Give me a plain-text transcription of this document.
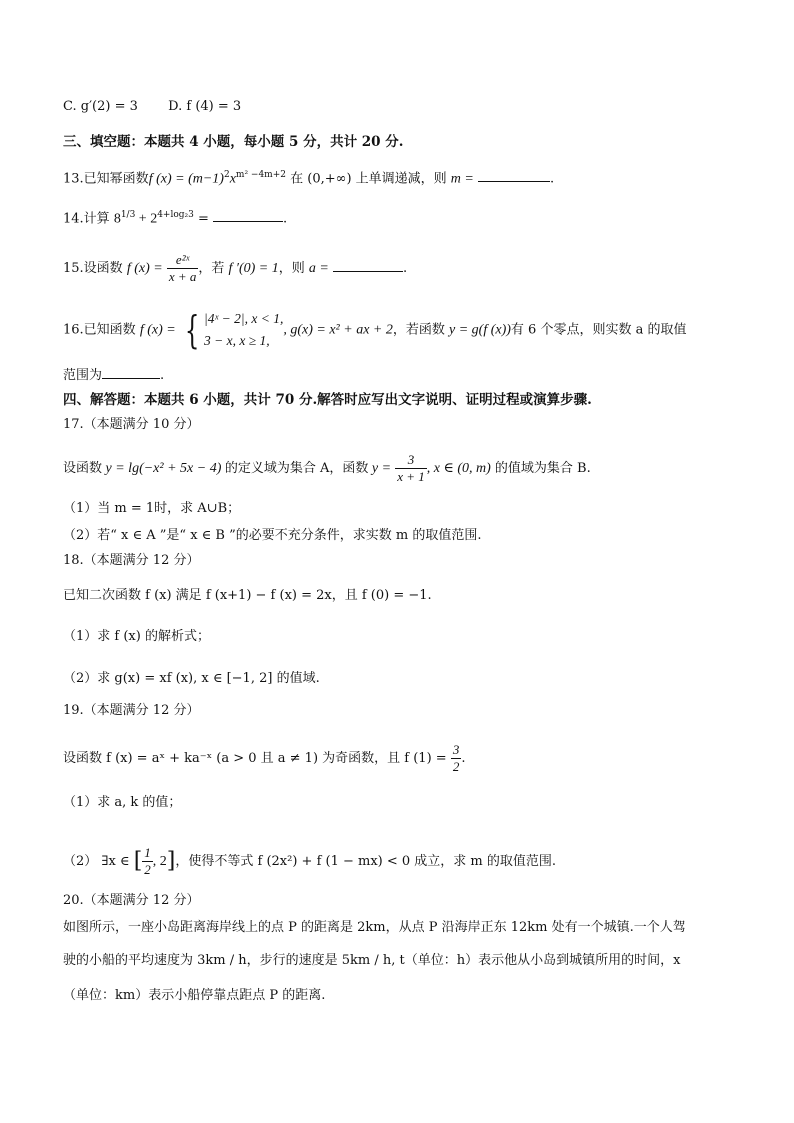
C. g′(2) = 3 D. f (4) = 3
三、填空题：本题共 4 小题，每小题 5 分，共计 20 分.
13.已知幂函数f $(x) = (m-1)^2x^{m^2 -4m+2}$ 在 (0,+∞) 上单调递减，则 m =	.
14.计算 $8^{1/3} + 2^{4+log_23}$ =	.
15.设函数 f $(x) = \frac{\text{e²ˣ}}{x + a}$ ，若 f ′(0) = 1，则 a =	.
16.已知函数 f (x) = { |4ˣ − 2|, x < 1,
3 − x, x ≥ 1,
, g(x) = x² + ax + 2，若函数 y = g(f (x))有 6 个零点，则实数 a 的取值
范围为	.
四、解答题：本题共 6 小题，共计 70 分.解答时应写出文字说明、证明过程或演算步骤.
17.（本题满分 10 分）
设函数 y = lg(−x² + 5x − 4) 的定义域为集合 A，函数 $y = \frac{3}{x + 1}$ , x ∈ (0, m) 的值域为集合 B.
（1）当 m = 1时，求 A∪B；
（2）若“ x ∈ A ”是“ x ∈ B ”的必要不充分条件，求实数 m 的取值范围.
18.（本题满分 12 分）
已知二次函数 f (x) 满足 f (x+1) − f (x) = 2x，且 f (0) = −1.
（1）求 f (x) 的解析式；
（2）求 g(x) = xf (x), x ∈ [−1, 2] 的值域.
19.（本题满分 12 分）
设函数 f (x) = aˣ + ka⁻ˣ (a > 0 且 a ≠ 1) 为奇函数，且 f $(1) = \frac{3}{2}$ .
（1）求 a, k 的值；
（2） ∃x ∈ [ $\frac{1}{2}$ , 2]，使得不等式 f (2x²) + f (1 − mx) < 0 成立，求 m 的取值范围.
20.（本题满分 12 分）
如图所示，一座小岛距离海岸线上的点 P 的距离是 2km，从点 P 沿海岸正东 12km 处有一个城镇.一个人驾
驶的小船的平均速度为 3km / h，步行的速度是 5km / h, t（单位：h）表示他从小岛到城镇所用的时间，x
（单位：km）表示小船停靠点距点 P 的距离.
